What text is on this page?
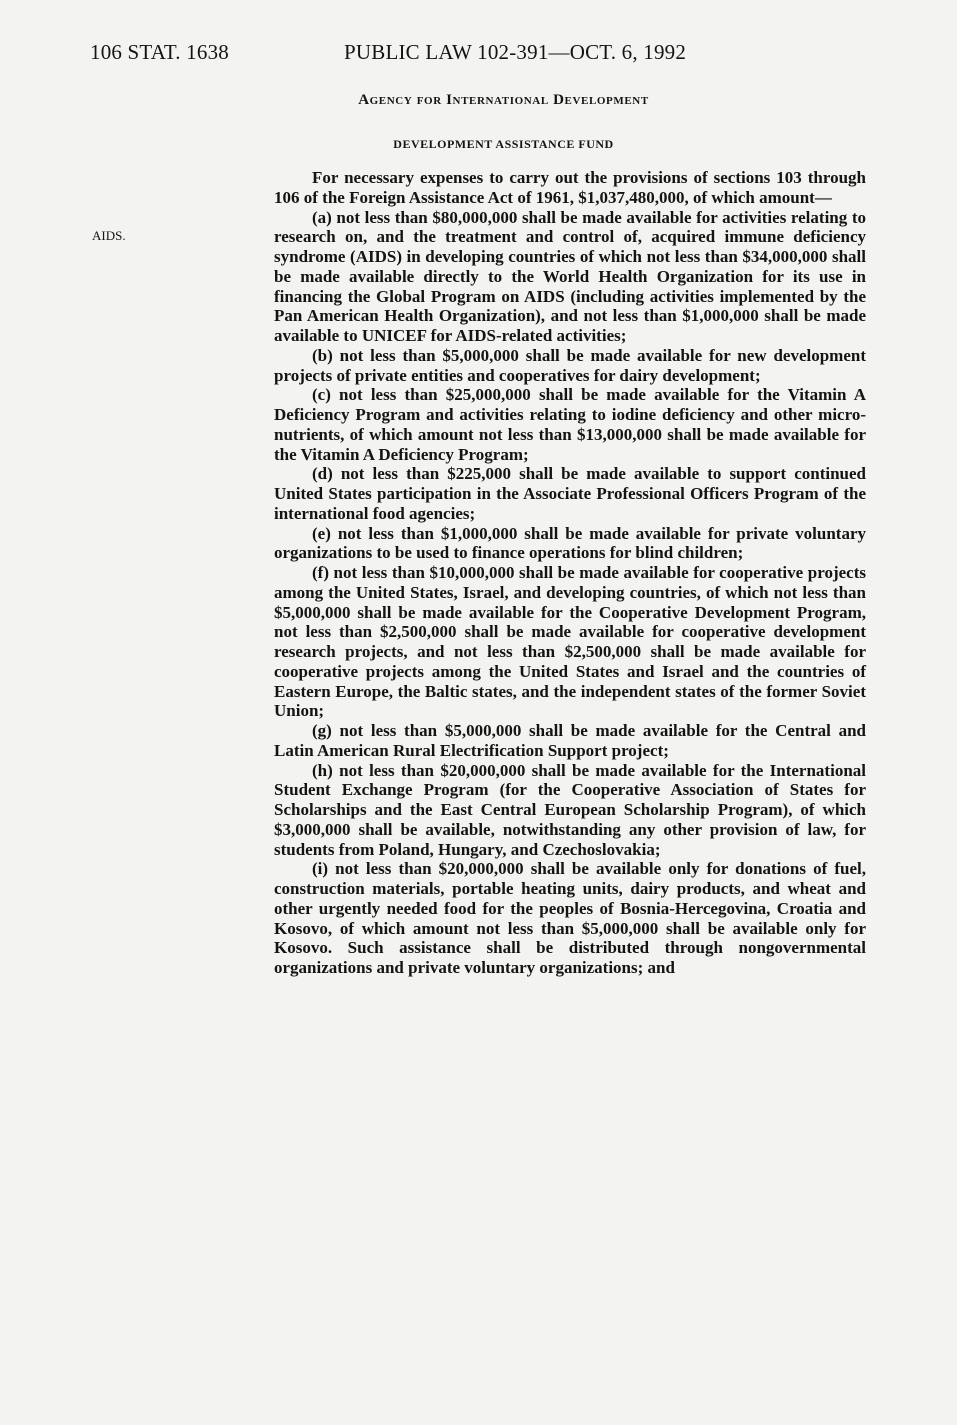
106 STAT. 1638	PUBLIC LAW 102-391—OCT. 6, 1992
Agency for International Development
DEVELOPMENT ASSISTANCE FUND
AIDS.

For necessary expenses to carry out the provisions of sections 103 through 106 of the Foreign Assistance Act of 1961, $1,037,480,000, of which amount—

(a) not less than $80,000,000 shall be made available for activities relating to research on, and the treatment and control of, acquired immune deficiency syndrome (AIDS) in developing countries of which not less than $34,000,000 shall be made available directly to the World Health Organization for its use in financing the Global Program on AIDS (including activities implemented by the Pan American Health Organization), and not less than $1,000,000 shall be made available to UNICEF for AIDS-related activities;

(b) not less than $5,000,000 shall be made available for new development projects of private entities and cooperatives for dairy development;

(c) not less than $25,000,000 shall be made available for the Vitamin A Deficiency Program and activities relating to iodine deficiency and other micro-nutrients, of which amount not less than $13,000,000 shall be made available for the Vitamin A Deficiency Program;

(d) not less than $225,000 shall be made available to support continued United States participation in the Associate Professional Officers Program of the international food agencies;

(e) not less than $1,000,000 shall be made available for private voluntary organizations to be used to finance operations for blind children;

(f) not less than $10,000,000 shall be made available for cooperative projects among the United States, Israel, and developing countries, of which not less than $5,000,000 shall be made available for the Cooperative Development Program, not less than $2,500,000 shall be made available for cooperative development research projects, and not less than $2,500,000 shall be made available for cooperative projects among the United States and Israel and the countries of Eastern Europe, the Baltic states, and the independent states of the former Soviet Union;

(g) not less than $5,000,000 shall be made available for the Central and Latin American Rural Electrification Support project;

(h) not less than $20,000,000 shall be made available for the International Student Exchange Program (for the Cooperative Association of States for Scholarships and the East Central European Scholarship Program), of which $3,000,000 shall be available, notwithstanding any other provision of law, for students from Poland, Hungary, and Czechoslovakia;

(i) not less than $20,000,000 shall be available only for donations of fuel, construction materials, portable heating units, dairy products, and wheat and other urgently needed food for the peoples of Bosnia-Hercegovina, Croatia and Kosovo, of which amount not less than $5,000,000 shall be available only for Kosovo. Such assistance shall be distributed through nongovernmental organizations and private voluntary organizations; and
